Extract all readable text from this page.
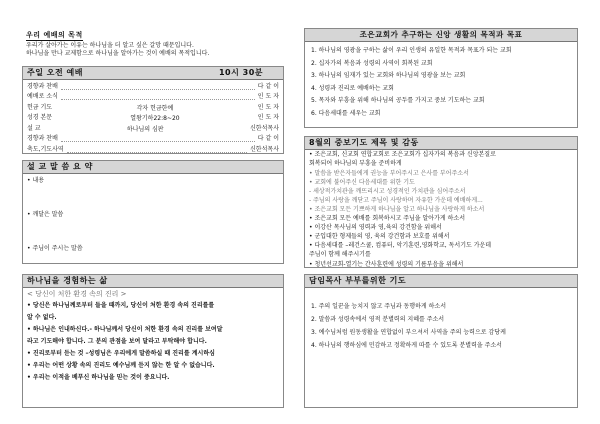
우리 예배의 목적
우리가 살아가는 이유는 하나님을 더 알고 싶은 갈망 때문입니다.
하나님을 만나 교제함으로 하나님을 알아가는 것이 예배의 목적입니다.
주일 오전 예배	10시 30분
경향과 찬배	다 같 이
예배로 소식	인 도 자
헌금 기도	각자 헌금한예	인 도 자
성경 본문	열왕기하22:8~20	인 도 자
설 교	하나님의 심판	신한석목사
경향과 찬배	다 같 이
축도,기도사역	신한석목사
설 교 말 씀 요 약
• 내용
• 깨달은 말씀
• 주님이 주시는 말씀
하나님을 경험하는 삶
< 당신이 처한 환경 속의 진리 >
• 당신은 하나님께로부터 들을 때까지, 당신이 처한 환경 속의 진리를를
알 수 없다.
• 하나님은 인내하신다.- 하나님께서 당신이 처한 환경 속의 진리를 보여달
라고 기도해야 합니다. 그 분의 관점을 보여 달라고 부탁해야 합니다.
• 진리로부터 듣는 것 –성령님은 우리에게 말씀하실 때 진리를 계시하심
• 우리는 어떤 상황 속의 진리도 예수님께 듣지 않는 한 알 수 없습니다.
• 우리는 이적을 베푸신 하나님을 믿는 것이 중요니다.
조은교회가 추구하는 신앙 생활의 목적과 목표
1. 하나님의 영광을 구하는 삶이 우리 인생의 유일한 목적과 목표가 되는 교회
2. 십자가의 복음과 성령의 사역이 회복된 교회
3. 하나님의 임재가 있는 교회와 하나님의 영광을 보는 교회
4. 성령과 진리로 예배하는 교회
5. 목자와 부흥을 위해 하나님의 공두를 가지고 중보 기도하는 교회
6. 다음세대를 세우는 교회
8월의 중보기도 제목 및 감동
• 조은교회, 신교회 연합교회로 조은교회가 십자가의 복음과 신앙본질로
회복되어 하나님의 부흥을 준비하게
• 말씀을 받은자들에게 권능을 부어주시고 은사를 부어주소서
• 교회에 불어주신 다음세대를 위한 기도
- 세상적가치관을 깨뜨리시고 성경적인 가치관을 심어주소서
- 주님의 사랑을 깨닫고 주님이 사랑하며 자유한 가운데 예배하게...
• 조은교회 모든 기쁘하게 하나님을 알고 하나님을 사랑하게 하소서
• 조은교회 모든 예배를 회복하시고 주님을 알아가게 하소서
• 이강산 목사님의 영력과 영,육의 강건함을 위해서
• 군입대한 형제들의 영, 육의 강건함과 보호를 위해서
• 다음세대를 –레건스쿨, 컴퓨터, 악기훈련,영화학교, 독서기도 가운데
주님이 함께 해주시기를
• 청년선교회-열기는 간사훈련에 성령의 기름부음을 위해서
담임목사 부부를위한 기도
1. 주의 일꾼을 능치지 않고 주님과 동행하게 하소서
2. 말씀과 성령속에서 영적 분별력의 지혜를 주소서
3. 예수님처럼 원동생활을 연합없이 부으셔서 사역을 주의 능력으로 감당케
4. 하나님의 행하심에 민감하고 정확하게 따를 수 있도록 분별력을 주소서
